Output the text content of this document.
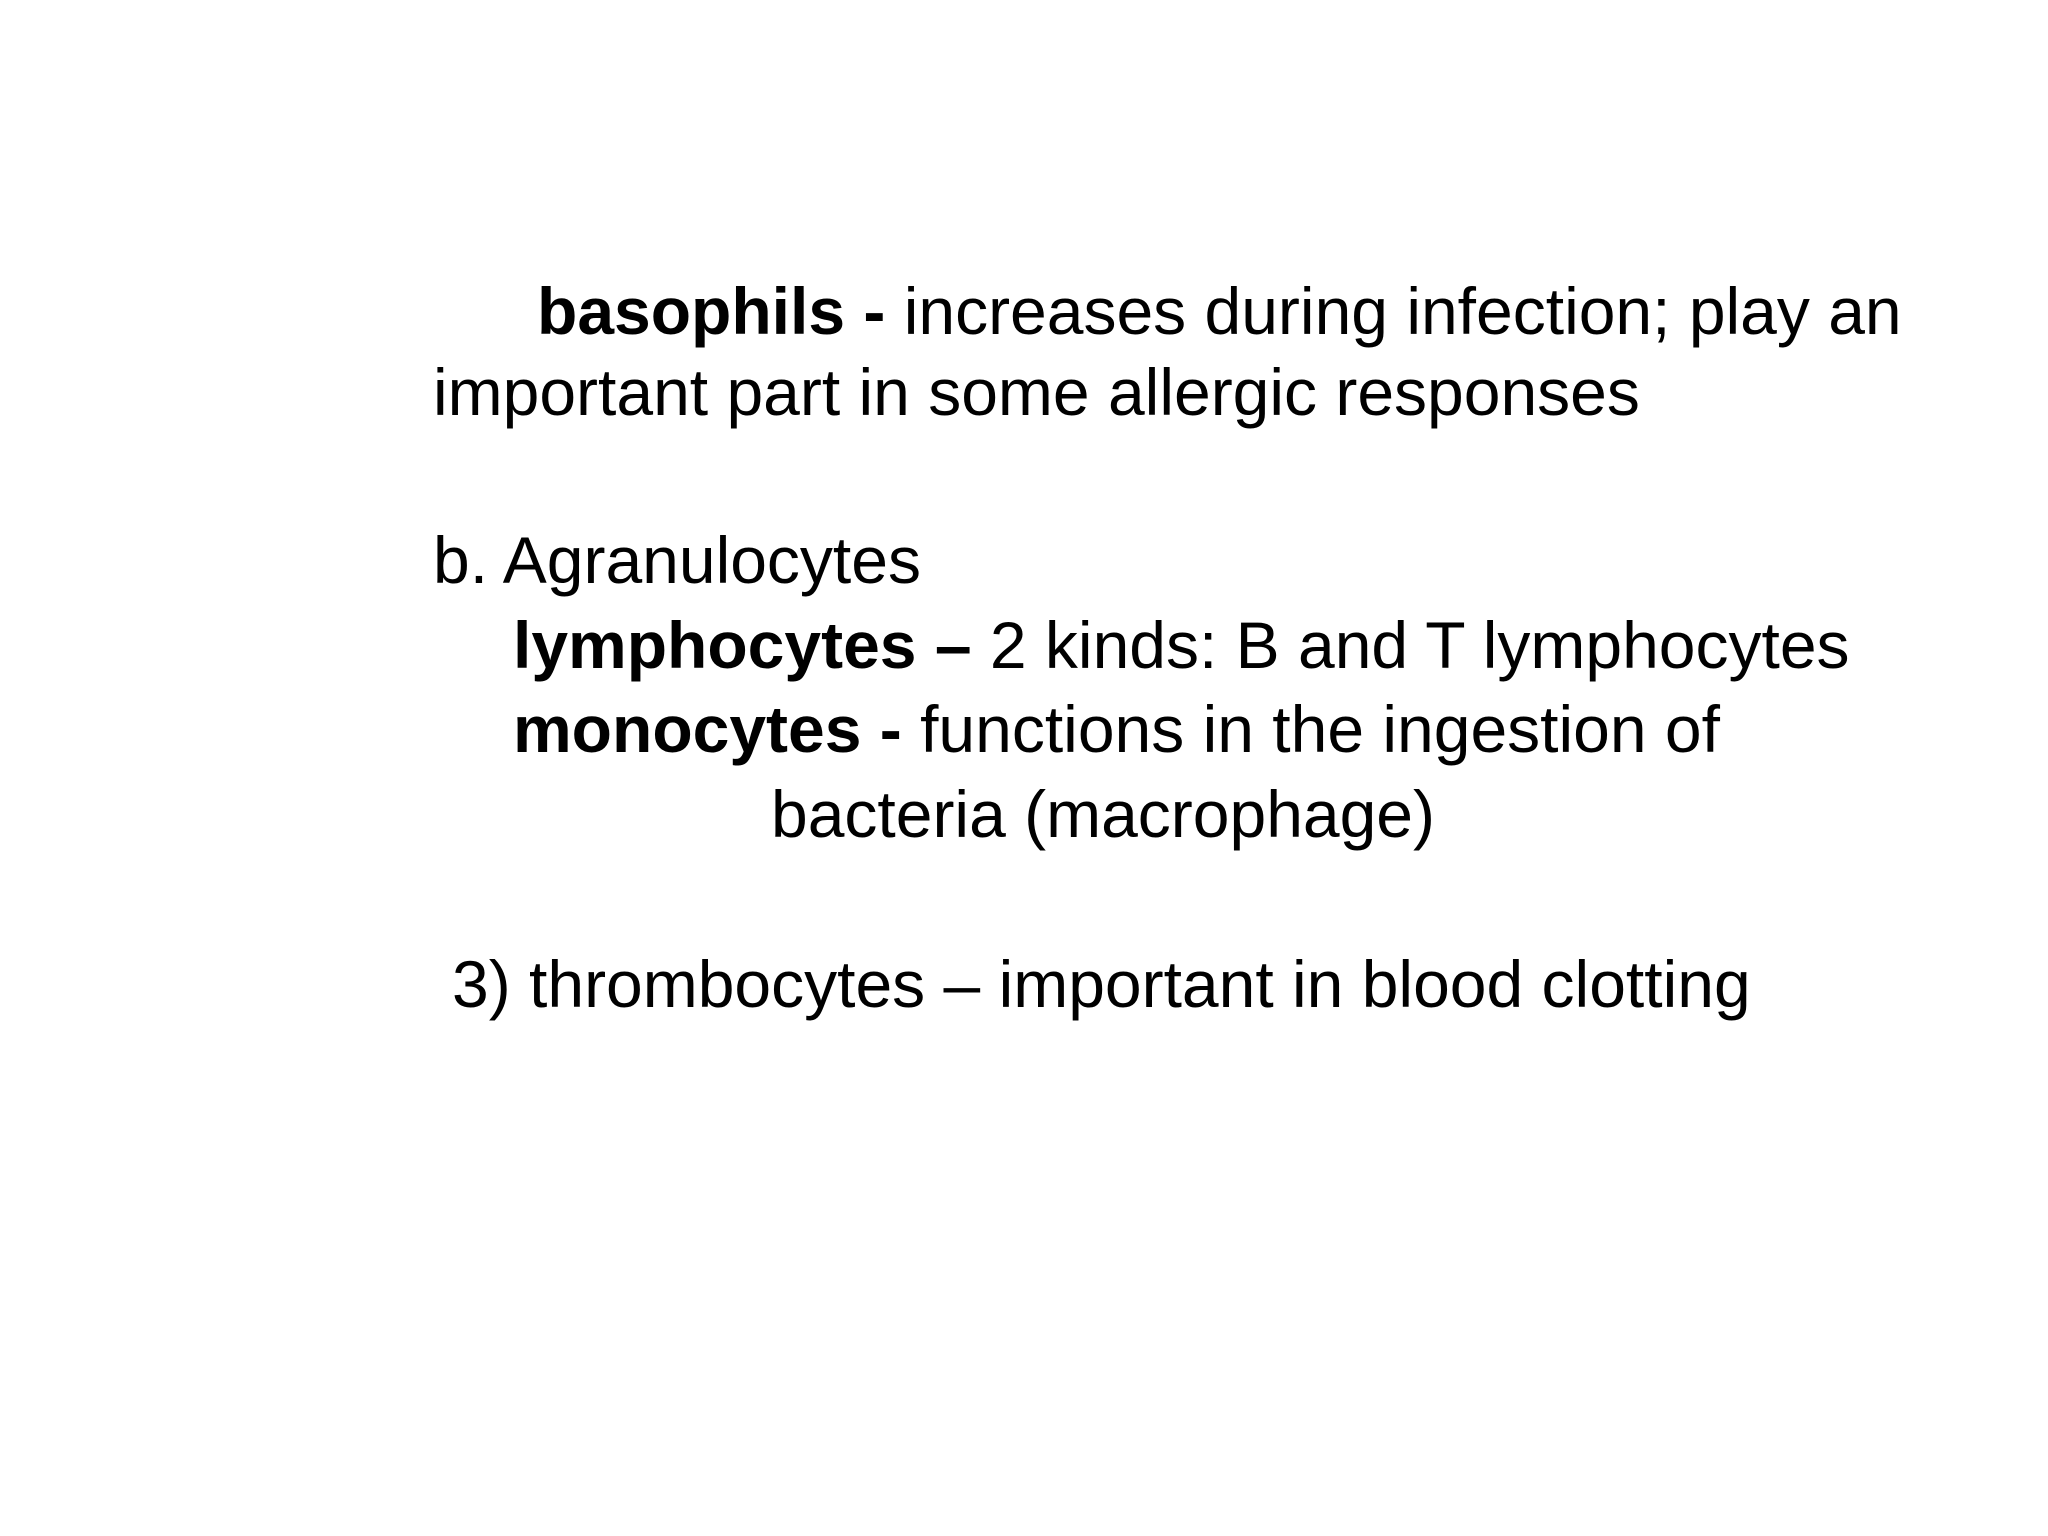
basophils - increases during infection; play an

important part in some allergic responses

b. Agranulocytes

lymphocytes – 2 kinds: B and T lymphocytes

monocytes - functions in the ingestion of

bacteria (macrophage)

3) thrombocytes – important in blood clotting
